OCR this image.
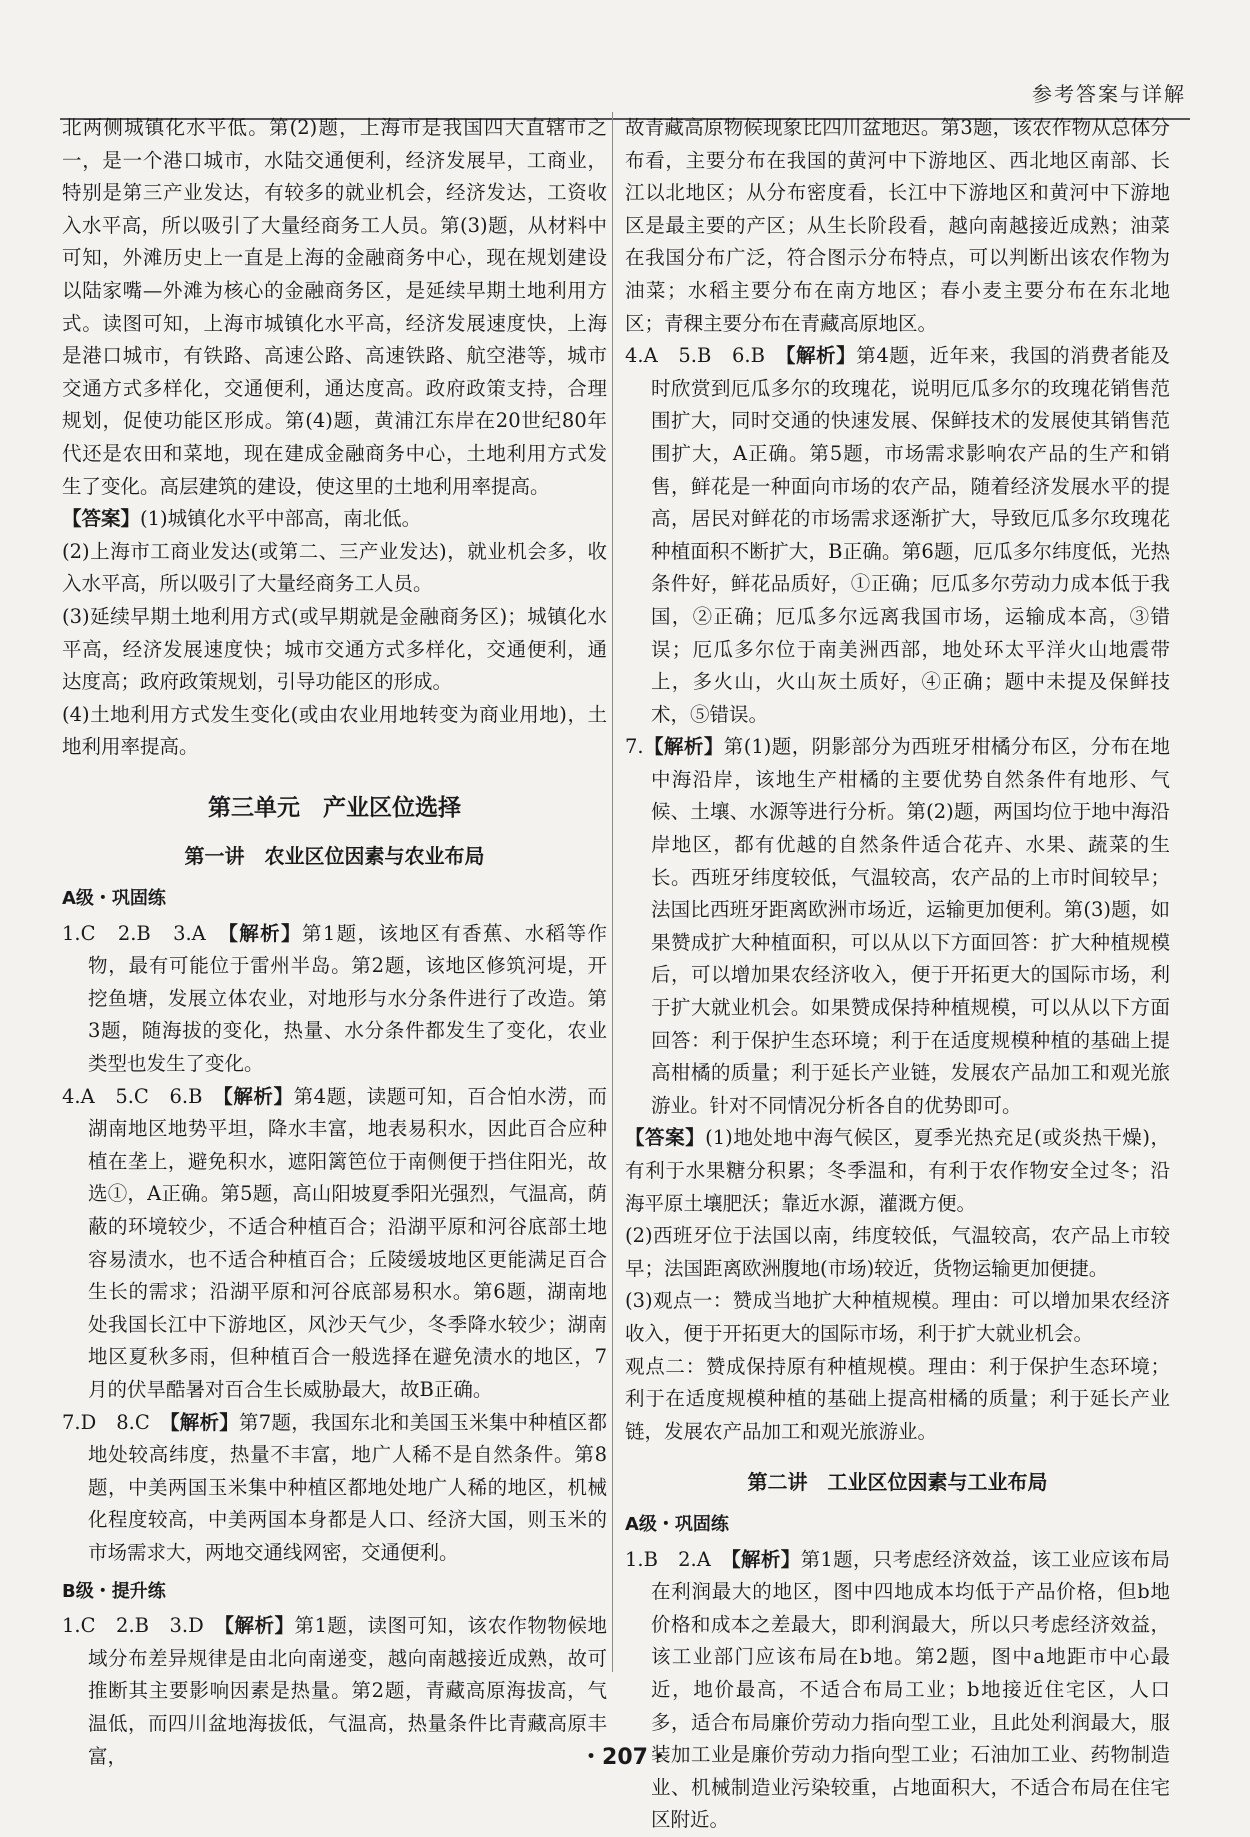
参考答案与详解

北两侧城镇化水平低。第(2)题，上海市是我国四大直辖市之一，是一个港口城市，水陆交通便利，经济发展早，工商业，特别是第三产业发达，有较多的就业机会，经济发达，工资收入水平高，所以吸引了大量经商务工人员。第(3)题，从材料中可知，外滩历史上一直是上海的金融商务中心，现在规划建设以陆家嘴—外滩为核心的金融商务区，是延续早期土地利用方式。读图可知，上海市城镇化水平高，经济发展速度快，上海是港口城市，有铁路、高速公路、高速铁路、航空港等，城市交通方式多样化，交通便利，通达度高。政府政策支持，合理规划，促使功能区形成。第(4)题，黄浦江东岸在20世纪80年代还是农田和菜地，现在建成金融商务中心，土地利用方式发生了变化。高层建筑的建设，使这里的土地利用率提高。

【答案】(1)城镇化水平中部高，南北低。

(2)上海市工商业发达(或第二、三产业发达)，就业机会多，收入水平高，所以吸引了大量经商务工人员。

(3)延续早期土地利用方式(或早期就是金融商务区)；城镇化水平高，经济发展速度快；城市交通方式多样化，交通便利，通达度高；政府政策规划，引导功能区的形成。

(4)土地利用方式发生变化(或由农业用地转变为商业用地)，土地利用率提高。

第三单元　产业区位选择
第一讲　农业区位因素与农业布局
A级・巩固练

1.C　2.B　3.A　【解析】第1题，该地区有香蕉、水稻等作物，最有可能位于雷州半岛。第2题，该地区修筑河堤，开挖鱼塘，发展立体农业，对地形与水分条件进行了改造。第3题，随海拔的变化，热量、水分条件都发生了变化，农业类型也发生了变化。

4.A　5.C　6.B　【解析】第4题，读题可知，百合怕水涝，而湖南地区地势平坦，降水丰富，地表易积水，因此百合应种植在垄上，避免积水，遮阳篱笆位于南侧便于挡住阳光，故选①，A正确。第5题，高山阳坡夏季阳光强烈，气温高，荫蔽的环境较少，不适合种植百合；沿湖平原和河谷底部土地容易渍水，也不适合种植百合；丘陵缓坡地区更能满足百合生长的需求；沿湖平原和河谷底部易积水。第6题，湖南地处我国长江中下游地区，风沙天气少，冬季降水较少；湖南地区夏秋多雨，但种植百合一般选择在避免渍水的地区，7月的伏旱酷暑对百合生长威胁最大，故B正确。

7.D　8.C　【解析】第7题，我国东北和美国玉米集中种植区都地处较高纬度，热量不丰富，地广人稀不是自然条件。第8题，中美两国玉米集中种植区都地处地广人稀的地区，机械化程度较高，中美两国本身都是人口、经济大国，则玉米的市场需求大，两地交通线网密，交通便利。

B级・提升练

1.C　2.B　3.D　【解析】第1题，读图可知，该农作物物候地域分布差异规律是由北向南递变，越向南越接近成熟，故可推断其主要影响因素是热量。第2题，青藏高原海拔高，气温低，而四川盆地海拔低，气温高，热量条件比青藏高原丰富，

故青藏高原物候现象比四川盆地迟。第3题，该农作物从总体分布看，主要分布在我国的黄河中下游地区、西北地区南部、长江以北地区；从分布密度看，长江中下游地区和黄河中下游地区是最主要的产区；从生长阶段看，越向南越接近成熟；油菜在我国分布广泛，符合图示分布特点，可以判断出该农作物为油菜；水稻主要分布在南方地区；春小麦主要分布在东北地区；青稞主要分布在青藏高原地区。

4.A　5.B　6.B　【解析】第4题，近年来，我国的消费者能及时欣赏到厄瓜多尔的玫瑰花，说明厄瓜多尔的玫瑰花销售范围扩大，同时交通的快速发展、保鲜技术的发展使其销售范围扩大，A正确。第5题，市场需求影响农产品的生产和销售，鲜花是一种面向市场的农产品，随着经济发展水平的提高，居民对鲜花的市场需求逐渐扩大，导致厄瓜多尔玫瑰花种植面积不断扩大，B正确。第6题，厄瓜多尔纬度低，光热条件好，鲜花品质好，①正确；厄瓜多尔劳动力成本低于我国，②正确；厄瓜多尔远离我国市场，运输成本高，③错误；厄瓜多尔位于南美洲西部，地处环太平洋火山地震带上，多火山，火山灰土质好，④正确；题中未提及保鲜技术，⑤错误。

7.【解析】第(1)题，阴影部分为西班牙柑橘分布区，分布在地中海沿岸，该地生产柑橘的主要优势自然条件有地形、气候、土壤、水源等进行分析。第(2)题，两国均位于地中海沿岸地区，都有优越的自然条件适合花卉、水果、蔬菜的生长。西班牙纬度较低，气温较高，农产品的上市时间较早；法国比西班牙距离欧洲市场近，运输更加便利。第(3)题，如果赞成扩大种植面积，可以从以下方面回答：扩大种植规模后，可以增加果农经济收入，便于开拓更大的国际市场，利于扩大就业机会。如果赞成保持种植规模，可以从以下方面回答：利于保护生态环境；利于在适度规模种植的基础上提高柑橘的质量；利于延长产业链，发展农产品加工和观光旅游业。针对不同情况分析各自的优势即可。

【答案】(1)地处地中海气候区，夏季光热充足(或炎热干燥)，有利于水果糖分积累；冬季温和，有利于农作物安全过冬；沿海平原土壤肥沃；靠近水源，灌溉方便。

(2)西班牙位于法国以南，纬度较低，气温较高，农产品上市较早；法国距离欧洲腹地(市场)较近，货物运输更加便捷。

(3)观点一：赞成当地扩大种植规模。理由：可以增加果农经济收入，便于开拓更大的国际市场，利于扩大就业机会。

观点二：赞成保持原有种植规模。理由：利于保护生态环境；利于在适度规模种植的基础上提高柑橘的质量；利于延长产业链，发展农产品加工和观光旅游业。

第二讲　工业区位因素与工业布局
A级・巩固练

1.B　2.A　【解析】第1题，只考虑经济效益，该工业应该布局在利润最大的地区，图中四地成本均低于产品价格，但b地价格和成本之差最大，即利润最大，所以只考虑经济效益，该工业部门应该布局在b地。第2题，图中a地距市中心最近，地价最高，不适合布局工业；b地接近住宅区，人口多，适合布局廉价劳动力指向型工业，且此处利润最大，服装加工业是廉价劳动力指向型工业；石油加工业、药物制造业、机械制造业污染较重，占地面积大，不适合布局在住宅区附近。

・207・
